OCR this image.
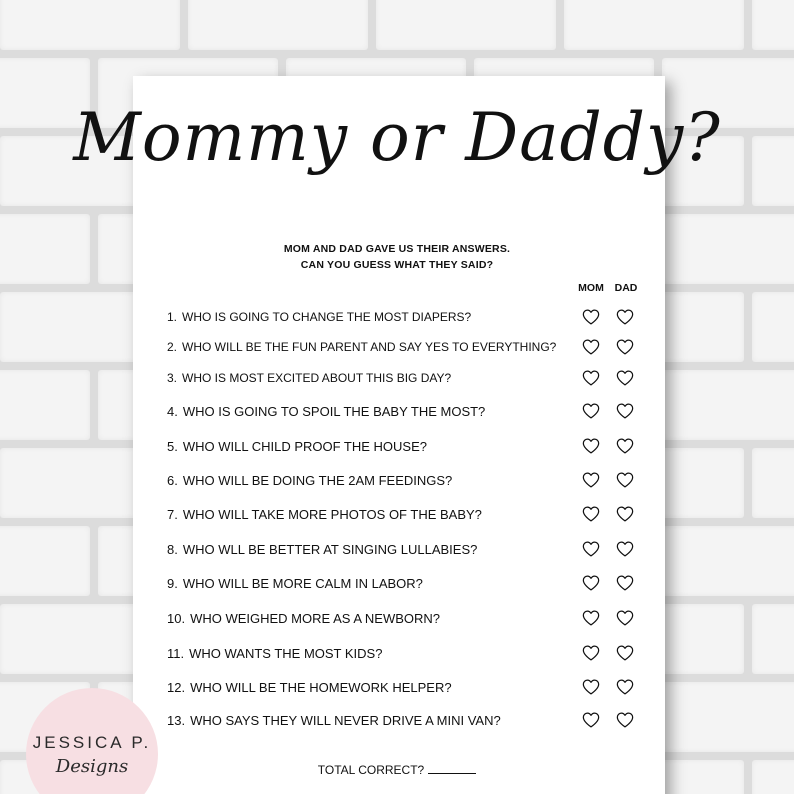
Mommy or Daddy?
MOM AND DAD GAVE US THEIR ANSWERS.
CAN YOU GUESS WHAT THEY SAID?
MOM	DAD
1. WHO IS GOING TO CHANGE THE MOST DIAPERS?
2. WHO WILL BE THE FUN PARENT AND SAY YES TO EVERYTHING?
3. WHO IS MOST EXCITED ABOUT THIS BIG DAY?
4. WHO IS GOING TO SPOIL THE BABY THE MOST?
5. WHO WILL CHILD PROOF THE HOUSE?
6. WHO WILL BE DOING THE 2AM FEEDINGS?
7. WHO WILL TAKE MORE PHOTOS OF THE BABY?
8. WHO WLL BE BETTER AT SINGING LULLABIES?
9. WHO WILL BE MORE CALM IN LABOR?
10. WHO WEIGHED MORE AS A NEWBORN?
11. WHO WANTS THE MOST KIDS?
12. WHO WILL BE THE HOMEWORK HELPER?
13. WHO SAYS THEY WILL NEVER DRIVE A MINI VAN?
TOTAL CORRECT?
JESSICA P.
Designs
